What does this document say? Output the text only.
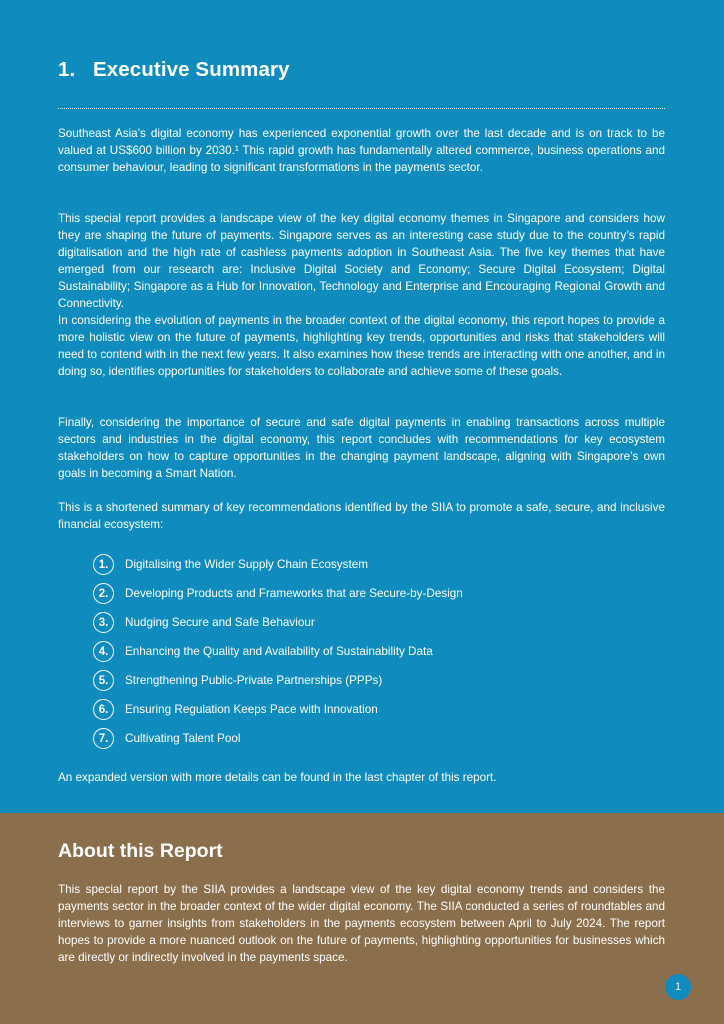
1. Executive Summary

Southeast Asia’s digital economy has experienced exponential growth over the last decade and is on track to be valued at US$600 billion by 2030.¹ This rapid growth has fundamentally altered commerce, business operations and consumer behaviour, leading to significant transformations in the payments sector.

This special report provides a landscape view of the key digital economy themes in Singapore and considers how they are shaping the future of payments. Singapore serves as an interesting case study due to the country’s rapid digitalisation and the high rate of cashless payments adoption in Southeast Asia. The five key themes that have emerged from our research are: Inclusive Digital Society and Economy; Secure Digital Ecosystem; Digital Sustainability; Singapore as a Hub for Innovation, Technology and Enterprise and Encouraging Regional Growth and Connectivity.

In considering the evolution of payments in the broader context of the digital economy, this report hopes to provide a more holistic view on the future of payments, highlighting key trends, opportunities and risks that stakeholders will need to contend with in the next few years. It also examines how these trends are interacting with one another, and in doing so, identifies opportunities for stakeholders to collaborate and achieve some of these goals.

Finally, considering the importance of secure and safe digital payments in enabling transactions across multiple sectors and industries in the digital economy, this report concludes with recommendations for key ecosystem stakeholders on how to capture opportunities in the changing payment landscape, aligning with Singapore’s own goals in becoming a Smart Nation.

This is a shortened summary of key recommendations identified by the SIIA to promote a safe, secure, and inclusive financial ecosystem:

1.	Digitalising the Wider Supply Chain Ecosystem
2.	Developing Products and Frameworks that are Secure-by-Design
3.	Nudging Secure and Safe Behaviour
4.	Enhancing the Quality and Availability of Sustainability Data
5.	Strengthening Public-Private Partnerships (PPPs)
6.	Ensuring Regulation Keeps Pace with Innovation
7.	Cultivating Talent Pool

An expanded version with more details can be found in the last chapter of this report.

About this Report

This special report by the SIIA provides a landscape view of the key digital economy trends and considers the payments sector in the broader context of the wider digital economy. The SIIA conducted a series of roundtables and interviews to garner insights from stakeholders in the payments ecosystem between April to July 2024. The report hopes to provide a more nuanced outlook on the future of payments, highlighting opportunities for businesses which are directly or indirectly involved in the payments space.

1
